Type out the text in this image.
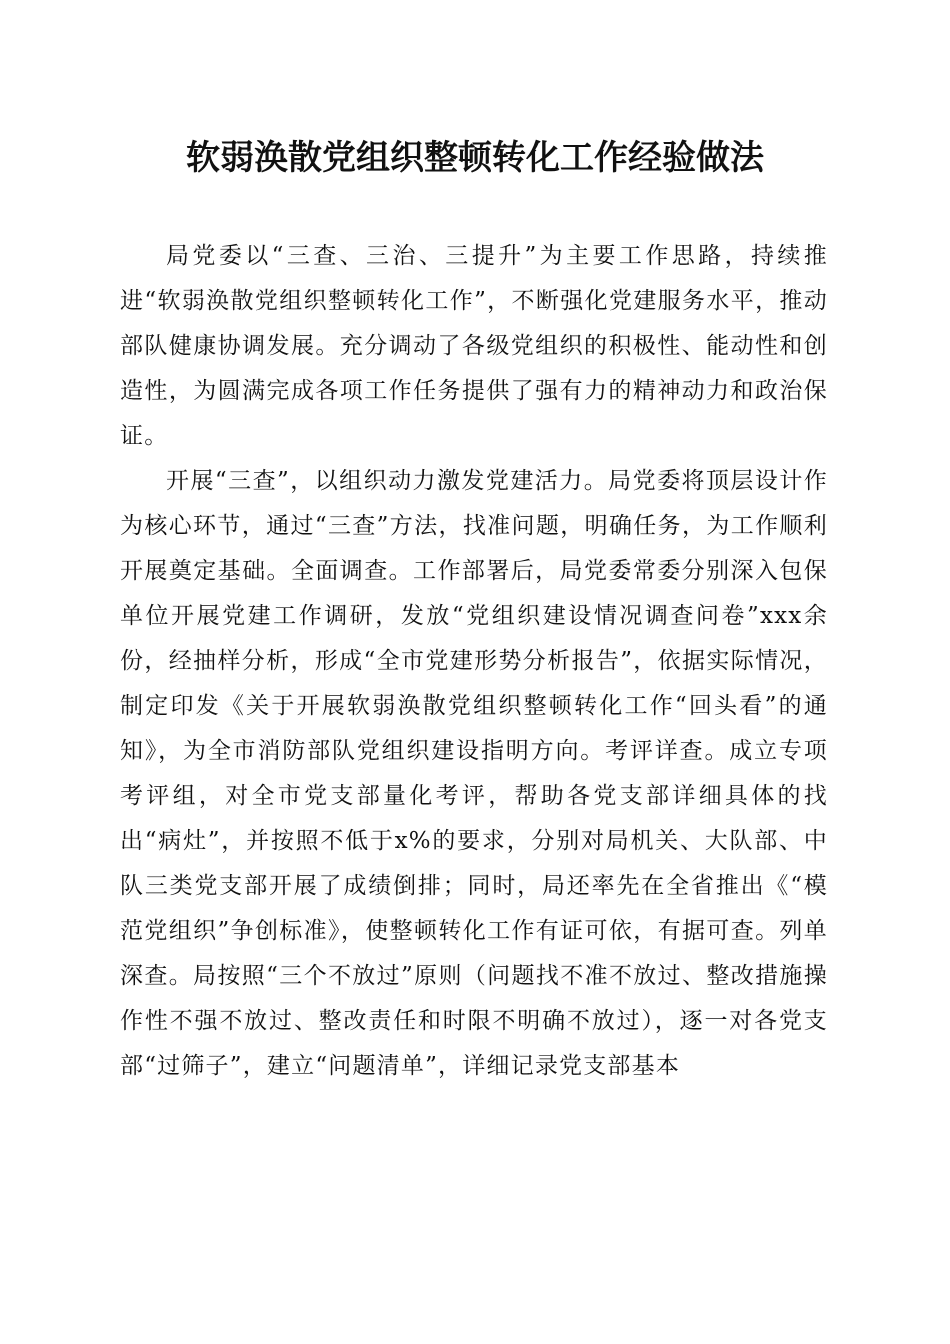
软弱涣散党组织整顿转化工作经验做法

局党委以“三查、三治、三提升”为主要工作思路，持续推进“软弱涣散党组织整顿转化工作”，不断强化党建服务水平，推动部队健康协调发展。充分调动了各级党组织的积极性、能动性和创造性，为圆满完成各项工作任务提供了强有力的精神动力和政治保证。

开展“三查”，以组织动力激发党建活力。局党委将顶层设计作为核心环节，通过“三查”方法，找准问题，明确任务，为工作顺利开展奠定基础。全面调查。工作部署后，局党委常委分别深入包保单位开展党建工作调研，发放“党组织建设情况调查问卷”xxx余份，经抽样分析，形成“全市党建形势分析报告”，依据实际情况，制定印发《关于开展软弱涣散党组织整顿转化工作“回头看”的通知》，为全市消防部队党组织建设指明方向。考评详查。成立专项考评组，对全市党支部量化考评，帮助各党支部详细具体的找出“病灶”，并按照不低于x%的要求，分别对局机关、大队部、中队三类党支部开展了成绩倒排；同时，局还率先在全省推出《“模范党组织”争创标准》，使整顿转化工作有证可依，有据可查。列单深查。局按照“三个不放过”原则（问题找不准不放过、整改措施操作性不强不放过、整改责任和时限不明确不放过），逐一对各党支部“过筛子”，建立“问题清单”，详细记录党支部基本
